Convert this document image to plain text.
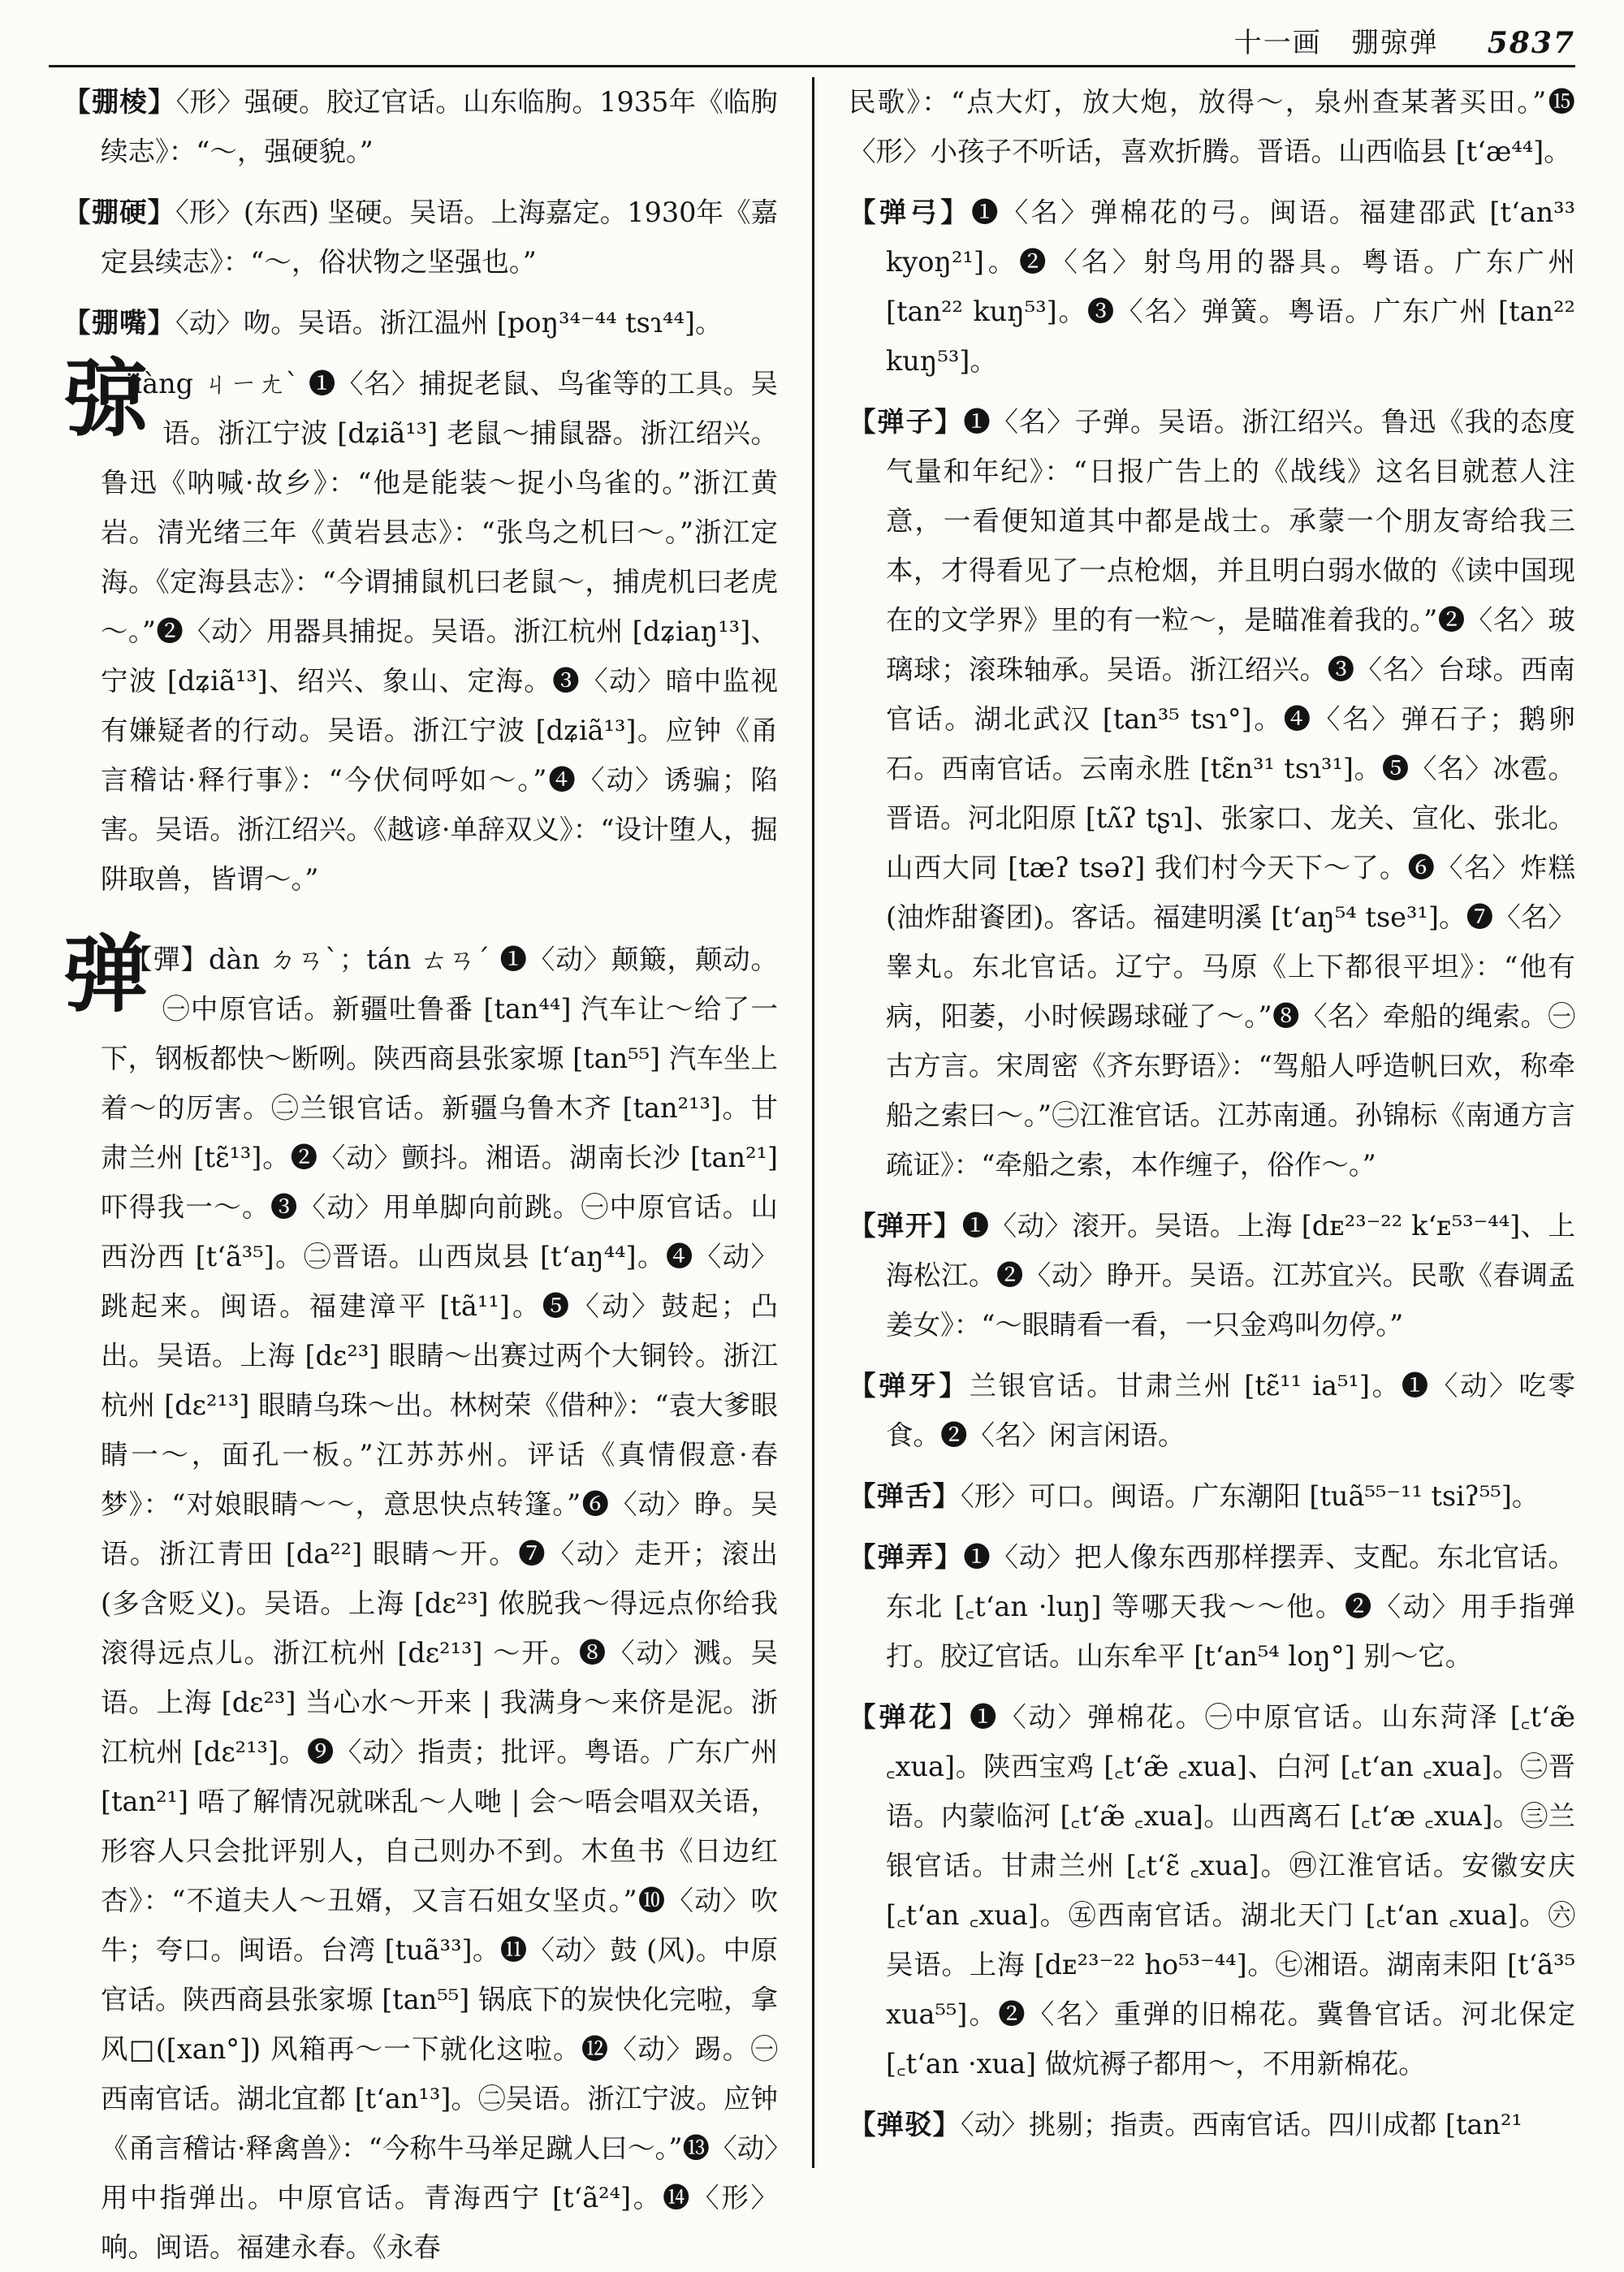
十一画　弸弶弹 5837

【弸棱】〈形〉强硬。胶辽官话。山东临朐。1935年《临朐续志》：“～，强硬貌。”

【弸硬】〈形〉(东西) 坚硬。吴语。上海嘉定。1930年《嘉定县续志》：“～，俗状物之坚强也。”

【弸嘴】〈动〉吻。吴语。浙江温州 [poŋ³⁴⁻⁴⁴ tsɿ⁴⁴]。

弶
jiàng ㄐㄧㄤˋ ❶〈名〉捕捉老鼠、鸟雀等的工具。吴语。浙江宁波 [dʑiã¹³] 老鼠～捕鼠器。浙江绍兴。鲁迅《呐喊·故乡》：“他是能装～捉小鸟雀的。”浙江黄岩。清光绪三年《黄岩县志》：“张鸟之机曰～。”浙江定海。《定海县志》：“今谓捕鼠机曰老鼠～，捕虎机曰老虎～。”❷〈动〉用器具捕捉。吴语。浙江杭州 [dʑiaŋ¹³]、宁波 [dʑiã¹³]、绍兴、象山、定海。❸〈动〉暗中监视有嫌疑者的行动。吴语。浙江宁波 [dʑiã¹³]。应钟《甬言稽诂·释行事》：“今伏伺呼如～。”❹〈动〉诱骗；陷害。吴语。浙江绍兴。《越谚·单辞双义》：“设计堕人，掘阱取兽，皆谓～。”

弹
【彈】dàn ㄉㄢˋ；tán ㄊㄢˊ ❶〈动〉颠簸，颠动。㊀中原官话。新疆吐鲁番 [tan⁴⁴] 汽车让～给了一下，钢板都快～断咧。陕西商县张家塬 [tan⁵⁵] 汽车坐上着～的厉害。㊁兰银官话。新疆乌鲁木齐 [tan²¹³]。甘肃兰州 [tɛ̃¹³]。❷〈动〉颤抖。湘语。湖南长沙 [tan²¹] 吓得我一～。❸〈动〉用单脚向前跳。㊀中原官话。山西汾西 [tʻã³⁵]。㊁晋语。山西岚县 [tʻaŋ⁴⁴]。❹〈动〉跳起来。闽语。福建漳平 [tã¹¹]。❺〈动〉鼓起；凸出。吴语。上海 [dɛ²³] 眼睛～出赛过两个大铜铃。浙江杭州 [dɛ²¹³] 眼睛乌珠～出。林树荣《借种》：“袁大爹眼睛一～，面孔一板。”江苏苏州。评话《真情假意·春梦》：“对娘眼睛～～，意思快点转篷。”❻〈动〉睁。吴语。浙江青田 [da²²] 眼睛～开。❼〈动〉走开；滚出 (多含贬义)。吴语。上海 [dɛ²³] 侬脱我～得远点你给我滚得远点儿。浙江杭州 [dɛ²¹³] ～开。❽〈动〉溅。吴语。上海 [dɛ²³] 当心水～开来 | 我满身～来侪是泥。浙江杭州 [dɛ²¹³]。❾〈动〉指责；批评。粤语。广东广州 [tan²¹] 唔了解情况就咪乱～人哋 | 会～唔会唱双关语，形容人只会批评别人，自己则办不到。木鱼书《日边红杏》：“不道夫人～丑婿，又言石姐女坚贞。”❿〈动〉吹牛；夸口。闽语。台湾 [tuã³³]。⓫〈动〉鼓 (风)。中原官话。陕西商县张家塬 [tan⁵⁵] 锅底下的炭快化完啦，拿风□([xan°]) 风箱再～一下就化这啦。⓬〈动〉踢。㊀西南官话。湖北宜都 [tʻan¹³]。㊁吴语。浙江宁波。应钟《甬言稽诂·释禽兽》：“今称牛马举足蹴人曰～。”⓭〈动〉用中指弹出。中原官话。青海西宁 [tʻã²⁴]。⓮〈形〉响。闽语。福建永春。《永春

民歌》：“点大灯，放大炮，放得～，泉州查某著买田。”⓯〈形〉小孩子不听话，喜欢折腾。晋语。山西临县 [tʻæ⁴⁴]。

【弹弓】❶〈名〉弹棉花的弓。闽语。福建邵武 [tʻan³³ kyoŋ²¹]。❷〈名〉射鸟用的器具。粤语。广东广州 [tan²² kuŋ⁵³]。❸〈名〉弹簧。粤语。广东广州 [tan²² kuŋ⁵³]。

【弹子】❶〈名〉子弹。吴语。浙江绍兴。鲁迅《我的态度气量和年纪》：“日报广告上的《战线》这名目就惹人注意，一看便知道其中都是战士。承蒙一个朋友寄给我三本，才得看见了一点枪烟，并且明白弱水做的《读中国现在的文学界》里的有一粒～，是瞄准着我的。”❷〈名〉玻璃球；滚珠轴承。吴语。浙江绍兴。❸〈名〉台球。西南官话。湖北武汉 [tan³⁵ tsɿ°]。❹〈名〉弹石子；鹅卵石。西南官话。云南永胜 [tɛ̃n³¹ tsɿ³¹]。❺〈名〉冰雹。晋语。河北阳原 [tʌ̃ʔ tʂɿ]、张家口、龙关、宣化、张北。山西大同 [tæʔ tsəʔ] 我们村今天下～了。❻〈名〉炸糕 (油炸甜餈团)。客话。福建明溪 [tʻaŋ⁵⁴ tse³¹]。❼〈名〉睾丸。东北官话。辽宁。马原《上下都很平坦》：“他有病，阳萎，小时候踢球碰了～。”❽〈名〉牵船的绳索。㊀古方言。宋周密《齐东野语》：“驾船人呼造帆曰欢，称牵船之索曰～。”㊁江淮官话。江苏南通。孙锦标《南通方言疏证》：“牵船之索，本作缠子，俗作～。”

【弹开】❶〈动〉滚开。吴语。上海 [dᴇ²³⁻²² kʻᴇ⁵³⁻⁴⁴]、上海松江。❷〈动〉睁开。吴语。江苏宜兴。民歌《春调孟姜女》：“～眼睛看一看，一只金鸡叫勿停。”

【弹牙】兰银官话。甘肃兰州 [tɛ̃¹¹ ia⁵¹]。❶〈动〉吃零食。❷〈名〉闲言闲语。

【弹舌】〈形〉可口。闽语。广东潮阳 [tuã⁵⁵⁻¹¹ tsiʔ⁵⁵]。

【弹弄】❶〈动〉把人像东西那样摆弄、支配。东北官话。东北 [꜀tʻan ·luŋ] 等哪天我～～他。❷〈动〉用手指弹打。胶辽官话。山东牟平 [tʻan⁵⁴ loŋ°] 别～它。

【弹花】❶〈动〉弹棉花。㊀中原官话。山东菏泽 [꜀tʻæ̃ ꜀xua]。陕西宝鸡 [꜀tʻæ̃ ꜀xua]、白河 [꜀tʻan ꜀xua]。㊁晋语。内蒙临河 [꜀tʻæ̃ ꜀xua]。山西离石 [꜀tʻæ ꜀xuᴀ]。㊂兰银官话。甘肃兰州 [꜀tʻɛ̃ ꜀xua]。㊃江淮官话。安徽安庆 [꜀tʻan ꜀xua]。㊄西南官话。湖北天门 [꜀tʻan ꜀xua]。㊅吴语。上海 [dᴇ²³⁻²² ho⁵³⁻⁴⁴]。㊆湘语。湖南耒阳 [tʻã³⁵ xua⁵⁵]。❷〈名〉重弹的旧棉花。冀鲁官话。河北保定 [꜀tʻan ·xua] 做炕褥子都用～，不用新棉花。

【弹驳】〈动〉挑剔；指责。西南官话。四川成都 [tan²¹
